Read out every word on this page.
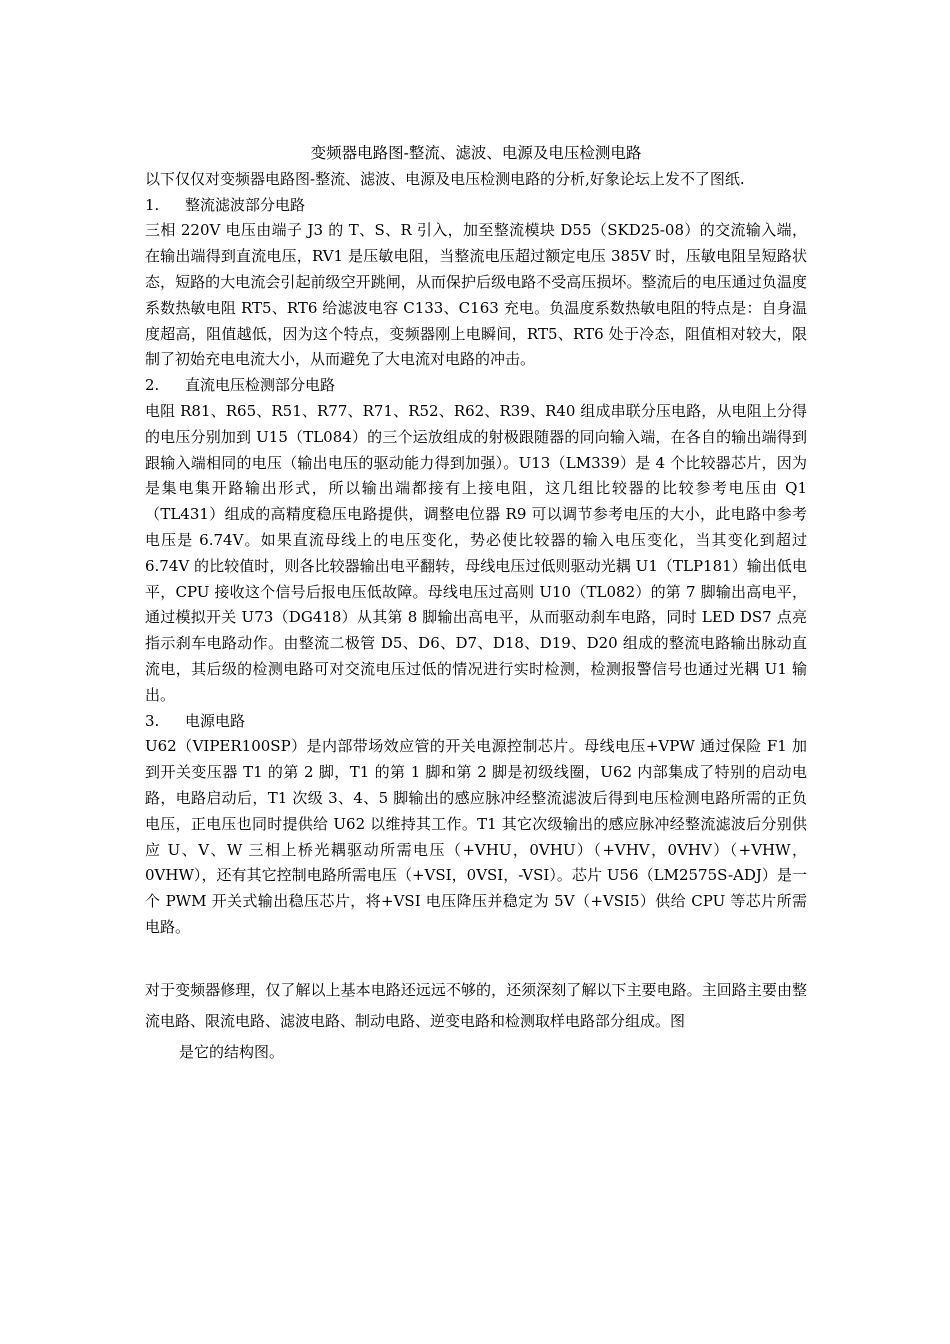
变频器电路图-整流、滤波、电源及电压检测电路

以下仅仅对变频器电路图-整流、滤波、电源及电压检测电路的分析,好象论坛上发不了图纸.

1.	整流滤波部分电路

三相 220V 电压由端子 J3 的 T、S、R 引入，加至整流模块 D55（SKD25-08）的交流输入端，在输出端得到直流电压，RV1 是压敏电阻，当整流电压超过额定电压 385V 时，压敏电阻呈短路状态，短路的大电流会引起前级空开跳闸，从而保护后级电路不受高压损坏。整流后的电压通过负温度系数热敏电阻 RT5、RT6 给滤波电容 C133、C163 充电。负温度系数热敏电阻的特点是：自身温度超高，阻值越低，因为这个特点，变频器刚上电瞬间，RT5、RT6 处于冷态，阻值相对较大，限制了初始充电电流大小，从而避免了大电流对电路的冲击。

2.	直流电压检测部分电路

电阻 R81、R65、R51、R77、R71、R52、R62、R39、R40 组成串联分压电路，从电阻上分得的电压分别加到 U15（TL084）的三个运放组成的射极跟随器的同向输入端，在各自的输出端得到跟输入端相同的电压（输出电压的驱动能力得到加强）。U13（LM339）是 4 个比较器芯片，因为是集电集开路输出形式，所以输出端都接有上接电阻，这几组比较器的比较参考电压由 Q1（TL431）组成的高精度稳压电路提供，调整电位器 R9 可以调节参考电压的大小，此电路中参考电压是 6.74V。如果直流母线上的电压变化，势必使比较器的输入电压变化，当其变化到超过 6.74V 的比较值时，则各比较器输出电平翻转，母线电压过低则驱动光耦 U1（TLP181）输出低电平，CPU 接收这个信号后报电压低故障。母线电压过高则 U10（TL082）的第 7 脚输出高电平，通过模拟开关 U73（DG418）从其第 8 脚输出高电平，从而驱动刹车电路，同时 LED DS7 点亮指示刹车电路动作。由整流二极管 D5、D6、D7、D18、D19、D20 组成的整流电路输出脉动直流电，其后级的检测电路可对交流电压过低的情况进行实时检测，检测报警信号也通过光耦 U1 输出。

3.	电源电路

U62（VIPER100SP）是内部带场效应管的开关电源控制芯片。母线电压+VPW 通过保险 F1 加到开关变压器 T1 的第 2 脚，T1 的第 1 脚和第 2 脚是初级线圈，U62 内部集成了特别的启动电路，电路启动后，T1 次级 3、4、5 脚输出的感应脉冲经整流滤波后得到电压检测电路所需的正负电压，正电压也同时提供给 U62 以维持其工作。T1 其它次级输出的感应脉冲经整流滤波后分别供应 U、V、W 三相上桥光耦驱动所需电压（+VHU，0VHU）（+VHV，0VHV）（+VHW，0VHW），还有其它控制电路所需电压（+VSI，0VSI，-VSI）。芯片 U56（LM2575S-ADJ）是一个 PWM 开关式输出稳压芯片，将+VSI 电压降压并稳定为 5V（+VSI5）供给 CPU 等芯片所需电路。

对于变频器修理，仅了解以上基本电路还远远不够的，还须深刻了解以下主要电路。主回路主要由整流电路、限流电路、滤波电路、制动电路、逆变电路和检测取样电路部分组成。图

是它的结构图。
